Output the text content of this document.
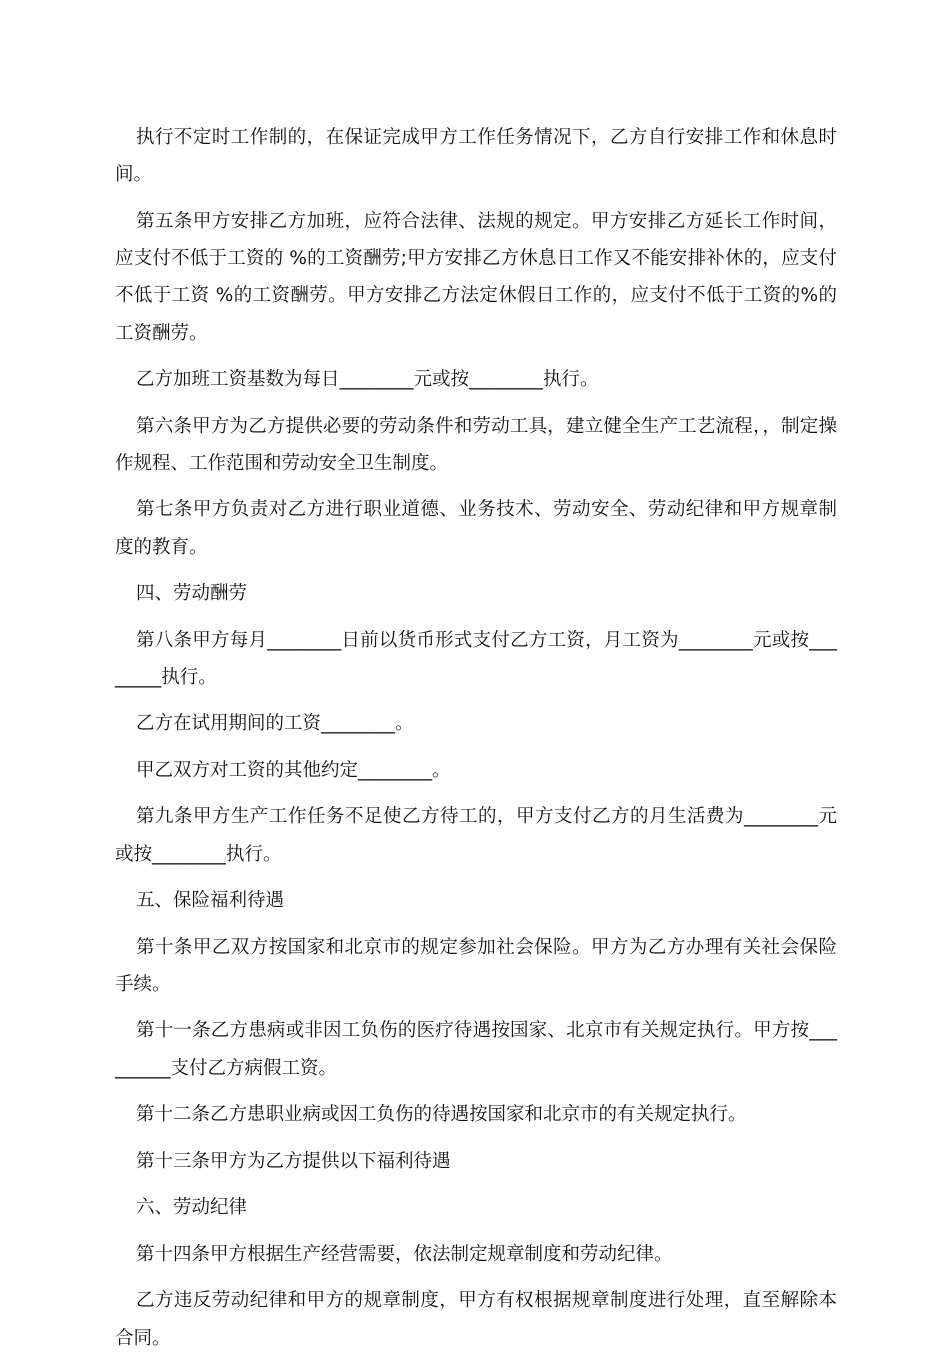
执行不定时工作制的，在保证完成甲方工作任务情况下，乙方自行安排工作和休息时间。

第五条甲方安排乙方加班，应符合法律、法规的规定。甲方安排乙方延长工作时间，应支付不低于工资的 %的工资酬劳;甲方安排乙方休息日工作又不能安排补休的，应支付不低于工资 %的工资酬劳。甲方安排乙方法定休假日工作的，应支付不低于工资的%的工资酬劳。

乙方加班工资基数为每日________元或按________执行。

第六条甲方为乙方提供必要的劳动条件和劳动工具，建立健全生产工艺流程，，制定操作规程、工作范围和劳动安全卫生制度。

第七条甲方负责对乙方进行职业道德、业务技术、劳动安全、劳动纪律和甲方规章制度的教育。

四、劳动酬劳

第八条甲方每月________日前以货币形式支付乙方工资，月工资为________元或按________执行。

乙方在试用期间的工资________。

甲乙双方对工资的其他约定________。

第九条甲方生产工作任务不足使乙方待工的，甲方支付乙方的月生活费为________元或按________执行。

五、保险福利待遇

第十条甲乙双方按国家和北京市的规定参加社会保险。甲方为乙方办理有关社会保险手续。

第十一条乙方患病或非因工负伤的医疗待遇按国家、北京市有关规定执行。甲方按_________支付乙方病假工资。

第十二条乙方患职业病或因工负伤的待遇按国家和北京市的有关规定执行。

第十三条甲方为乙方提供以下福利待遇

六、劳动纪律

第十四条甲方根据生产经营需要，依法制定规章制度和劳动纪律。

乙方违反劳动纪律和甲方的规章制度，甲方有权根据规章制度进行处理，直至解除本合同。
